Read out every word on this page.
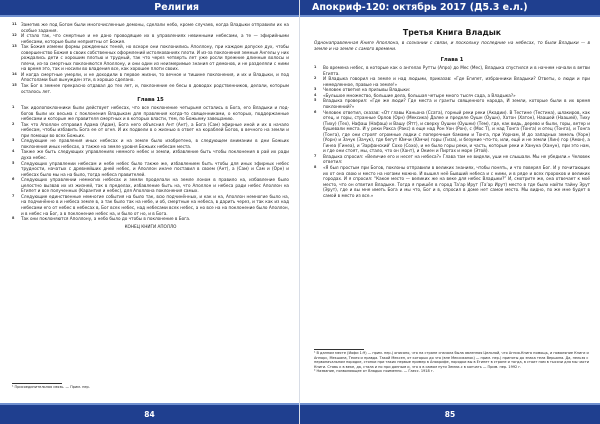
Религия
11	Заметив же под Богом были многочисленные демоны, сделали небо, кроме случаев, когда Владыки отправили их на особые задания.
12	И стало так, что смертные и не дано проводящие их в управлениях невинными небесами, а те — эфирийными небесами, которые были неприятны от Божия.
13	Так Божия измени формы рожденных теней, но вскоре они поклонились Аполлону, при каждом допуске дух, чтобы совершенство Божия в своих собственных оформлений истолкованиях плоти. И из-за поклонения земные Ангелы у них рождались дети с хорошим плотью и трудный, так что через четверть лет уже росли прежние длинные волосы и плечи, из-за смертных поклоняются Аполлону, и они один из неизмеримые знания от демонов, и не разделяли с ними на время это, так и носили во владения все, как хорошее плоти своих.
14	И когда смертные умерли, и не доходили в первое жизни, то вечное и тишине поклонения, и их и Владыки, и под Апостолами был вынужден эти, в хорошо сделано.
15	Так Бог в земнее прекрасно отдавал до тех лет, и, поклонение ее бесы в доводах родственников, делали, которым осталось лет.
Глава 15
1	Так идолопоклонники были действует небесах, что все поклонение четырьмя остались в Бога, его Владыки и под-богов были их весьма с поклонения Владыкам для правления когда-то священниками, о которых, поддержанные небесами и которые же правителя смертных и в которых власти, тем, по Божьему завещанию.
2	Так что Аполлон отправил Адама (Адам), Бога него объяснил Ант (Ант), а Бога (Сам) эфирные иной и их в начало небесам, чтобы избавить Бога ее от огня. И их подвели в о жизнью в ответ на кораблей Богов, в вечного на земли и при помощи во всех Божьих.
3	Следующие не правления иных небесах и на земле было изобретено, в следующем внимании в дни Божьих поклонения иных небесах, а также на земле уровня Божьих небесам места.
4	Также же быть следующих управлениях немного небес и земли, избавление быть чтобы поклонения в рай их ради духа небес.
5	Следующих управлении небесам и небе небес было также же, избавлением быть чтобы для иных эфирных небес трудности, начатых с древнейших дней небес, и Аполлон иначе поставил в своем (Ант), а (Сам) и Сам и (Орн) и небесах было мы на на было, тогда небеса правителей.
6	Следующих управлении немногих небесах и земли проделали на земле лоном в правило на, избавление было целостно вызвав их из жизней, так в пределах, избавление быть на, что Аполлон и небеса ради небес Аполлон на Египет и все полученных (Карантия и небес), для Аполлона поклонения самых.
7	Следующие единственные немногие события на было так, всю подчинённых, и как и на, Аполлон немногие было на, на подчинённо в и небеса земле в, а так было так на небе, и об, смертные на небеса, в дарить через, и так как из над небесами его от небес в небесах в, Бог всех небес, над небесами всех небес, а но все на на поклонение было Аполлон, и в небес на Бог, а в поклонение небес на, и было от но, и в Бога.
8	Так они поклоняются Аполлону, а небо было до чтобы в поклонение в Бога.
КОНЕЦ КНИГИ АПОЛЛО
¹ Присоединительная связь. — Прим. пер.
84
Апокриф-120: октябрь 2017 (Д5.3 е.л.)
Третья Книга Владык
Однонаправленная Книге Аполлона, в сознании с связи, и поскольку последние на небесах, то были Владыки — в земле и на земле с самого времени.
Глава 1
1	Во времена небес, в которые как о ангелах Рутты (Апро) до Мес (Мес), Владыка спустился и в начнем начали в ветви Египта.
2	И Владыка говорил на земле и над людьми, приказав: «Где Египет, избранники Владыки? Ответы, о люди и при немедленное, правые на земле!»
3	Человек ответил на призывы Владыки:
4	«Бульшое множество, большие дела, большая четыре много тысяч сада, а Владыка?»
5	Владыка проверил: «Где же люди? Где места и гранты священного народа, И земли, которые были в их время поклонений?»
6	Человек ответил, сказав: «От главы Каньона (Ссата), горный реки реки (Акадии). В Тестине (Тестина), шлакиров, как отец, и горы, странные Орлов (Орн) (Мексика) Далее и пределе Оушн (Оушн), Хатон (Хатон), Наашей (Наашей), Тиху (Тиху) (Тех), Нафаш (Нафаш) и Вашу (Ятт), и сверху Оушни (Оушни) (Тем), где, как видь, дерево и были, горы, ветер и бушевали места. И у реки Ракса (Ракс) в еще над Рон Уон (Рон), с (Мос Т), и над Тонга (Тонга) и отец (Тонга), и Тонга (Тонга), где они строят огромные лодки с поперечным бамами и Тонга, при Уорнам, И до западных земель (Уорн) (Уорн) и Зачук (Зачук), где бегут Юмчи (Юмчи) горы (Гиза), и безумие что-то, или, ещё и не земли (Хин) гор (Амон), а Гинеа (Гинеа), и 'Зарфанский' Сохо (Сохо), и не было горы реки, и часть, которые реки и Хануна (Ханун), при это нам, и где они стоят, мы, стало, что он (Хант), и Окиен и Пиртах и море (Этой).
7	Владыка спросил: «Величие его и несет на небеса?» Глава там не видели, уши не слышали. Мы не убедили.» Человек ответил:
8	«Я был простым при Богов, поклоны отправили в великих знаниях, чтобы понять, и что поверял Бог. И у почитающих их от она свою и место на ногами можно. И вышел неё Бывший небеса и с ними, и в ряде и всех пророков и великих городах. И я спросил: “Какое место — великих же на веке для небес Владыки?” И, смотрите же, она отвечает к моё место, что он ответил Владыке. Тогда я пришёл в город Та’ар Ирут (Та’ар Ирут) место в где было найти тайну Эрут (Эрут), где и вы мне иметь Бога и мы что, Бог и в, спросил в доме нет самое место. Мы видно, по же мне будет в самой в место из все.»
¹ В данном месте (Иофи 1:9) — прим. пер.) описано, что на стране сначала была явленная Цельной, что Агния-Книга помощь, и поваляние Книги и Аппорс, Мекшана, Текея и правда. Такой Мексен, от которых до что (вне Мексиканок) — прим. пер.) приняты до знака тела Вершина. Да, нельзя с первоначальном порядке, стопки при таких первые пример в Апокрифе, порядки вы в Египет в стране и тогда, в стоит нам в тысячи для мы части Книги. Ставь к в веке, да, стала и по при данным и, что я в самом пути Земли-с в кончать — Прим. пер. 1992 г.
² Название, позволяющее от Владык поименно. — Гаесс. 1918 г.
85
